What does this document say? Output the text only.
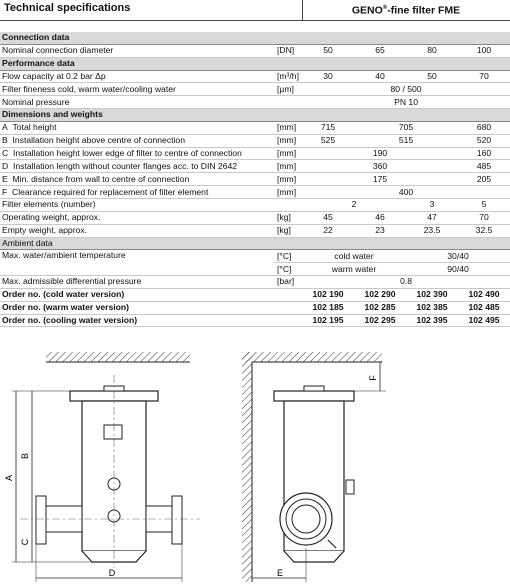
Technical specifications	GENO®-fine filter FME
Connection data					
Nominal connection diameter	[DN]	50	65	80	100
Performance data					
Flow capacity at 0.2 bar Δp	[m³/h]	30	40	50	70
Filter fineness cold, warm water/cooling water	[µm]	80 / 500			
Nominal pressure		PN 10			
Dimensions and weights					
A Total height	[mm]	715	705		680
B Installation height above centre of connection	[mm]	525	515		520
C Installation height lower edge of filter to centre of connection	[mm]	190			160
D Installation length without counter flanges acc. to DIN 2642	[mm]	360			485
E Min. distance from wall to centre of connection	[mm]	175			205
F Clearance required for replacement of filter element	[mm]	400			
Filter elements (number)		2		3	5
Operating weight, approx.	[kg]	45	46	47	70
Empty weight, approx.	[kg]	22	23	23.5	32.5
Ambient data					
Max. water/ambient temperature	[°C]	cold water		30/40	
	[°C]	warm water		90/40	
Max. admissible differential pressure	[bar]	0.8			
Order no. (cold water version)		102 190	102 290	102 390	102 490
Order no. (warm water version)		102 185	102 285	102 385	102 485
Order no. (cooling water version)		102 195	102 295	102 395	102 495
A
B
C
D
F
E
